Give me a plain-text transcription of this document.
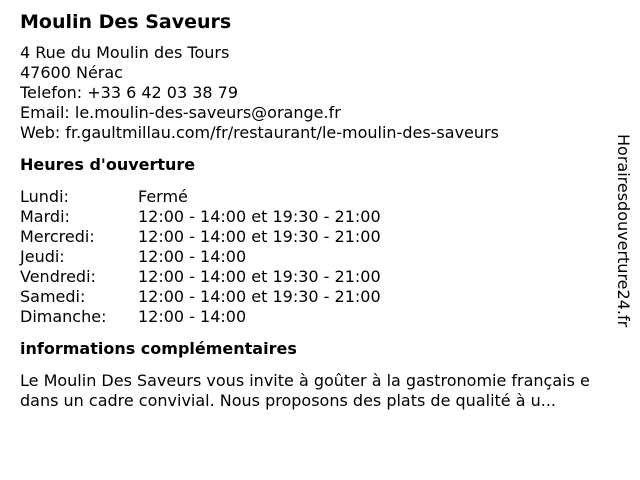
Moulin Des Saveurs
4 Rue du Moulin des Tours
47600 Nérac
Telefon: +33 6 42 03 38 79
Email: le.moulin-des-saveurs@orange.fr
Web: fr.gaultmillau.com/fr/restaurant/le-moulin-des-saveurs
Heures d'ouverture
Lundi:	Fermé
Mardi:	12:00 - 14:00 et 19:30 - 21:00
Mercredi:	12:00 - 14:00 et 19:30 - 21:00
Jeudi:	12:00 - 14:00
Vendredi:	12:00 - 14:00 et 19:30 - 21:00
Samedi:	12:00 - 14:00 et 19:30 - 21:00
Dimanche:	12:00 - 14:00
informations complémentaires

Le Moulin Des Saveurs vous invite à goûter à la gastronomie français e dans un cadre convivial. Nous proposons des plats de qualité à u...

Horairesdouverture24.fr
